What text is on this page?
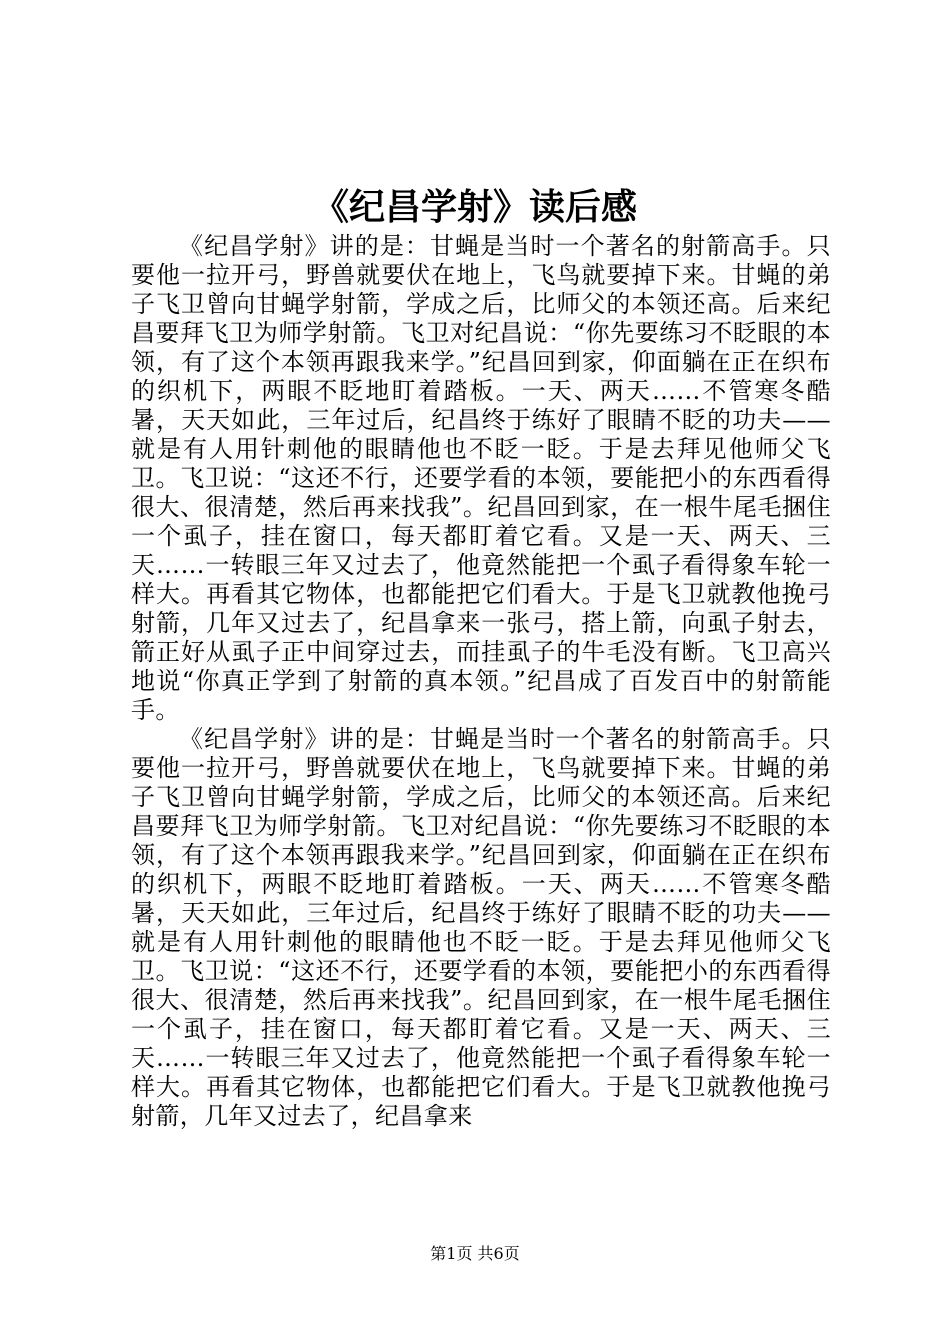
《纪昌学射》读后感

《纪昌学射》讲的是：甘蝇是当时一个著名的射箭高手。只要他一拉开弓，野兽就要伏在地上，飞鸟就要掉下来。甘蝇的弟子飞卫曾向甘蝇学射箭，学成之后，比师父的本领还高。后来纪昌要拜飞卫为师学射箭。飞卫对纪昌说：“你先要练习不眨眼的本领，有了这个本领再跟我来学。”纪昌回到家，仰面躺在正在织布的织机下，两眼不眨地盯着踏板。一天、两天……不管寒冬酷暑，天天如此，三年过后，纪昌终于练好了眼睛不眨的功夫——就是有人用针刺他的眼睛他也不眨一眨。于是去拜见他师父飞卫。飞卫说：“这还不行，还要学看的本领，要能把小的东西看得很大、很清楚，然后再来找我”。纪昌回到家，在一根牛尾毛捆住一个虱子，挂在窗口，每天都盯着它看。又是一天、两天、三天……一转眼三年又过去了，他竟然能把一个虱子看得象车轮一样大。再看其它物体，也都能把它们看大。于是飞卫就教他挽弓射箭，几年又过去了，纪昌拿来一张弓，搭上箭，向虱子射去，箭正好从虱子正中间穿过去，而挂虱子的牛毛没有断。飞卫高兴地说“你真正学到了射箭的真本领。”纪昌成了百发百中的射箭能手。

《纪昌学射》讲的是：甘蝇是当时一个著名的射箭高手。只要他一拉开弓，野兽就要伏在地上，飞鸟就要掉下来。甘蝇的弟子飞卫曾向甘蝇学射箭，学成之后，比师父的本领还高。后来纪昌要拜飞卫为师学射箭。飞卫对纪昌说：“你先要练习不眨眼的本领，有了这个本领再跟我来学。”纪昌回到家，仰面躺在正在织布的织机下，两眼不眨地盯着踏板。一天、两天……不管寒冬酷暑，天天如此，三年过后，纪昌终于练好了眼睛不眨的功夫——就是有人用针刺他的眼睛他也不眨一眨。于是去拜见他师父飞卫。飞卫说：“这还不行，还要学看的本领，要能把小的东西看得很大、很清楚，然后再来找我”。纪昌回到家，在一根牛尾毛捆住一个虱子，挂在窗口，每天都盯着它看。又是一天、两天、三天……一转眼三年又过去了，他竟然能把一个虱子看得象车轮一样大。再看其它物体，也都能把它们看大。于是飞卫就教他挽弓射箭，几年又过去了，纪昌拿来

第1页 共6页
